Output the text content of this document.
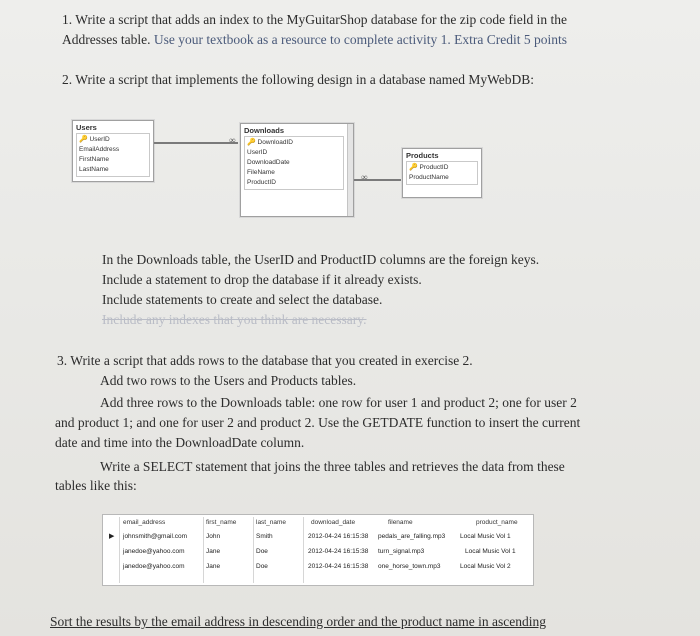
1. Write a script that adds an index to the MyGuitarShop database for the zip code field in the
Addresses table. Use your textbook as a resource to complete activity 1. Extra Credit 5 points
2. Write a script that implements the following design in a database named MyWebDB:
Users
🔑 UserID
EmailAddress
FirstName
LastName
∞
Downloads
🔑 DownloadID
UserID
DownloadDate
FileName
ProductID
∞
Products
🔑 ProductID
ProductName
In the Downloads table, the UserID and ProductID columns are the foreign keys.
Include a statement to drop the database if it already exists.
Include statements to create and select the database.
Include any indexes that you think are necessary.
3. Write a script that adds rows to the database that you created in exercise 2.
Add two rows to the Users and Products tables.
Add three rows to the Downloads table: one row for user 1 and product 2; one for user 2
and product 1; and one for user 2 and product 2. Use the GETDATE function to insert the current
date and time into the DownloadDate column.
Write a SELECT statement that joins the three tables and retrieves the data from these
tables like this:
email_address	first_name	last_name	download_date	filename	product_name
▶ johnsmith@gmail.com	John	Smith	2012-04-24 16:15:38 pedals_are_falling.mp3 Local Music Vol 1
janedoe@yahoo.com	Jane	Doe	2012-04-24 16:15:38 turn_signal.mp3	Local Music Vol 1
janedoe@yahoo.com	Jane	Doe	2012-04-24 16:15:38 one_horse_town.mp3	Local Music Vol 2
Sort the results by the email address in descending order and the product name in ascending
